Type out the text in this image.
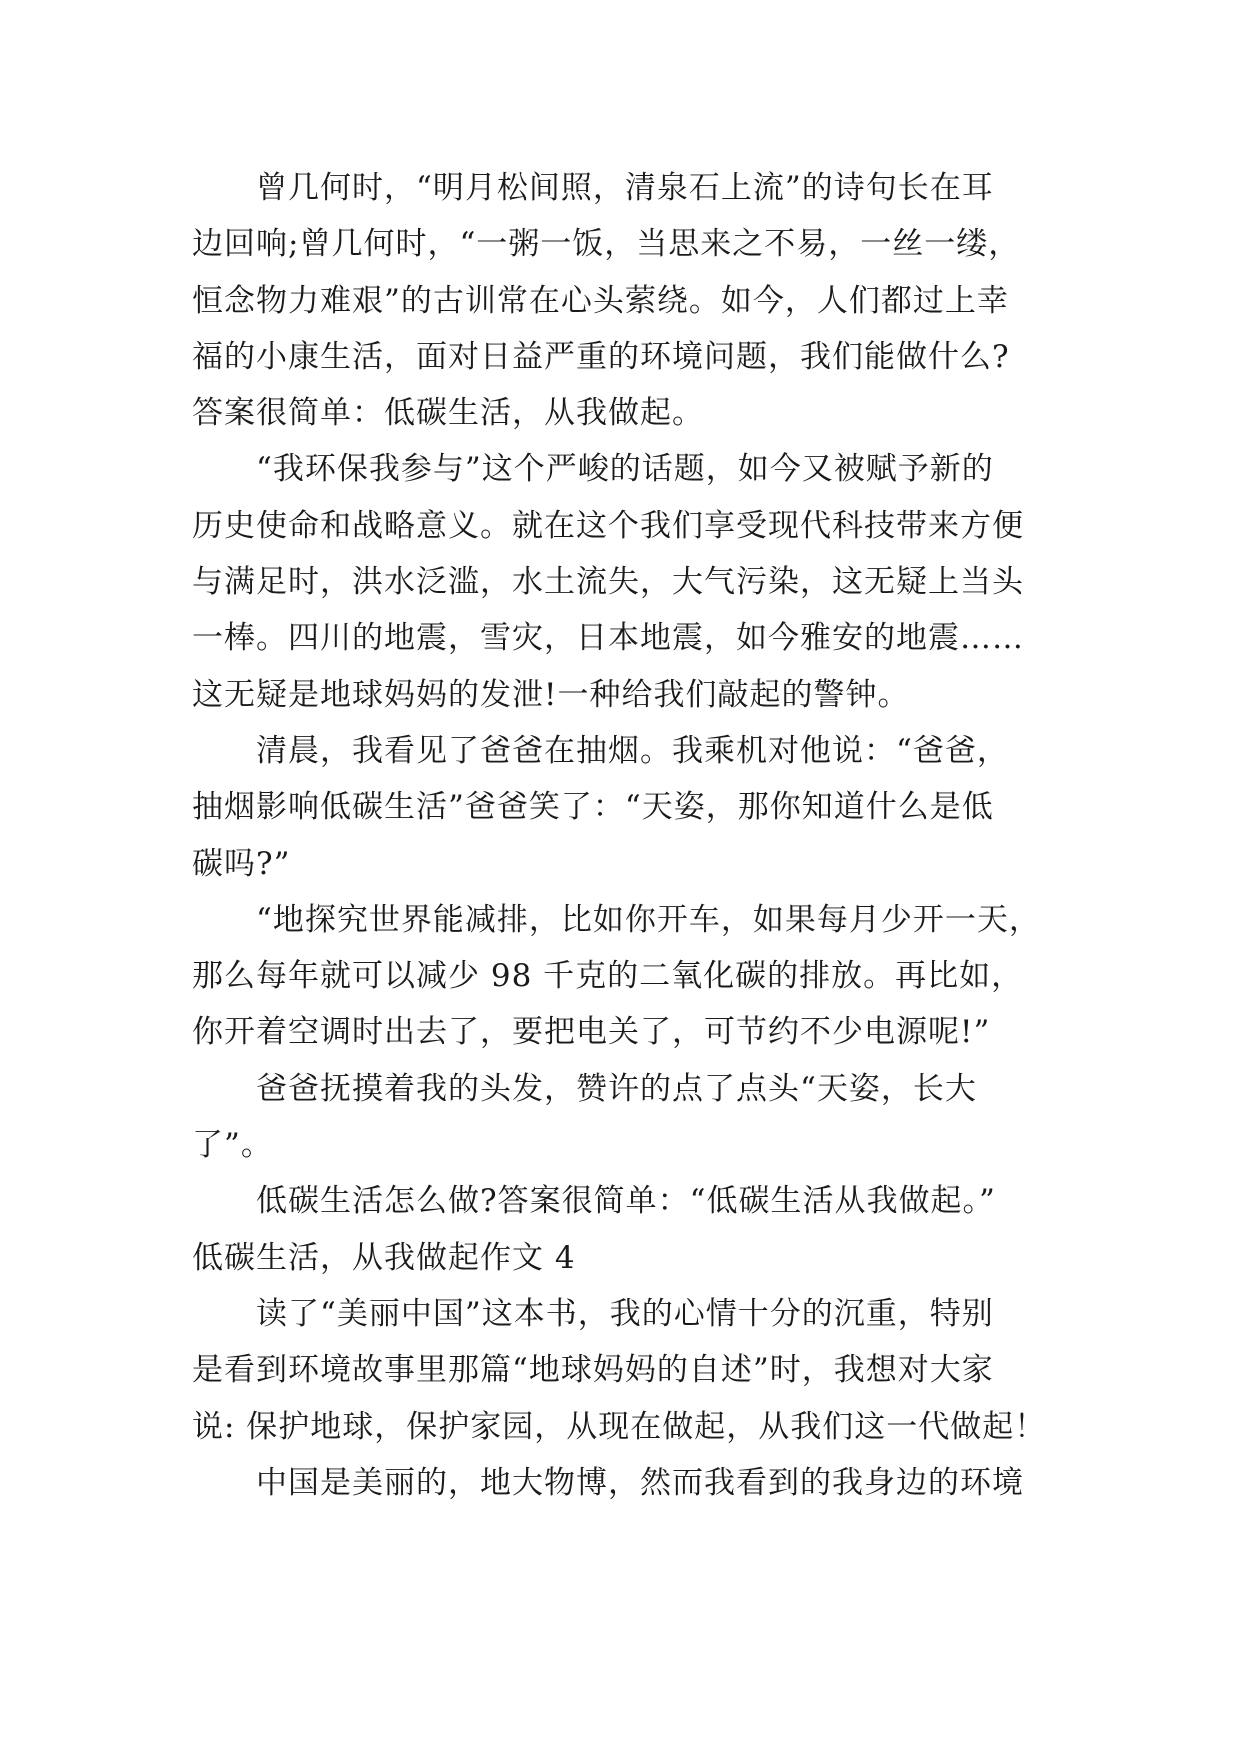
曾几何时，“明月松间照，清泉石上流”的诗句长在耳
边回响;曾几何时，“一粥一饭，当思来之不易，一丝一缕，
恒念物力难艰”的古训常在心头萦绕。如今，人们都过上幸
福的小康生活，面对日益严重的环境问题，我们能做什么?
答案很简单：低碳生活，从我做起。
“我环保我参与”这个严峻的话题，如今又被赋予新的
历史使命和战略意义。就在这个我们享受现代科技带来方便
与满足时，洪水泛滥，水土流失，大气污染，这无疑上当头
一棒。四川的地震，雪灾，日本地震，如今雅安的地震……
这无疑是地球妈妈的发泄!一种给我们敲起的警钟。
清晨，我看见了爸爸在抽烟。我乘机对他说：“爸爸，
抽烟影响低碳生活”爸爸笑了：“天姿，那你知道什么是低
碳吗?”
“地探究世界能减排，比如你开车，如果每月少开一天，
那么每年就可以减少 98 千克的二氧化碳的排放。再比如，
你开着空调时出去了，要把电关了，可节约不少电源呢!”
爸爸抚摸着我的头发，赞许的点了点头“天姿，长大
了”。
低碳生活怎么做?答案很简单：“低碳生活从我做起。”
低碳生活，从我做起作文 4
读了“美丽中国”这本书，我的心情十分的沉重，特别
是看到环境故事里那篇“地球妈妈的自述”时，我想对大家
说: 保护地球，保护家园，从现在做起，从我们这一代做起！
中国是美丽的，地大物博，然而我看到的我身边的环境
